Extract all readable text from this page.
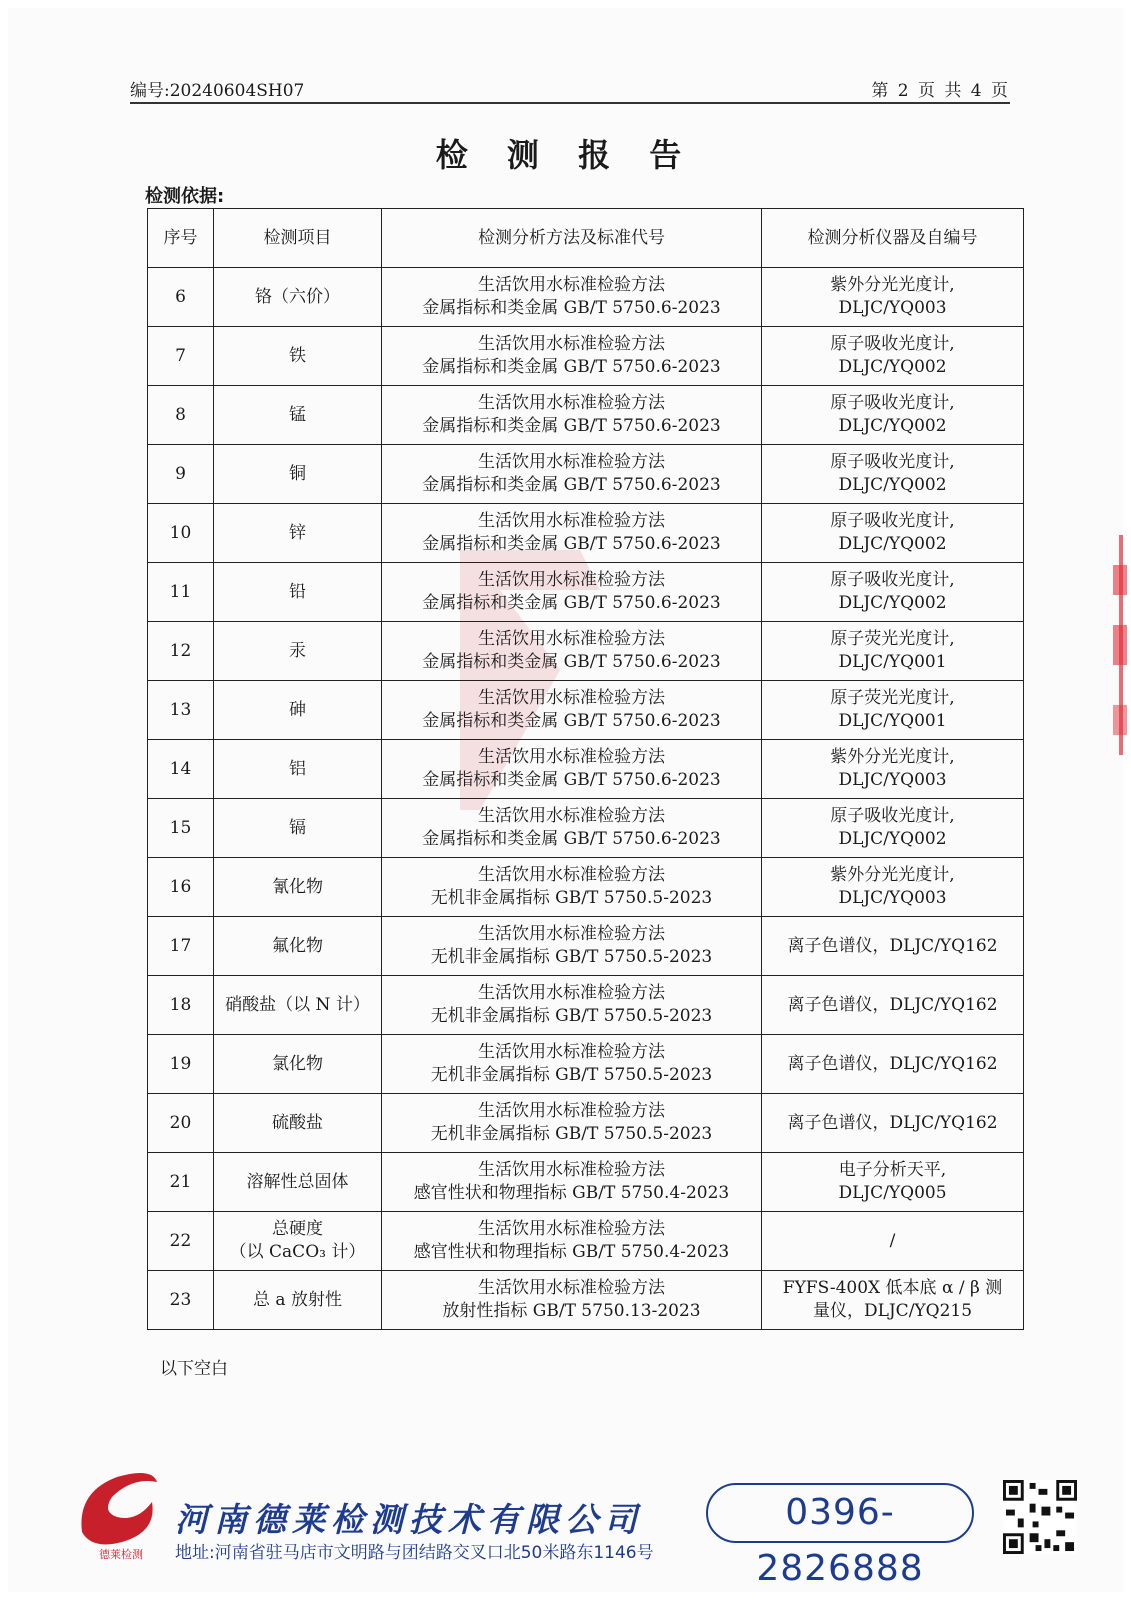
编号:20240604SH07	第 2 页 共 4 页
检 测 报 告
检测依据:
序号	检测项目	检测分析方法及标准代号	检测分析仪器及自编号
6	铬（六价）	生活饮用水标准检验方法
金属指标和类金属 GB/T 5750.6-2023	紫外分光光度计,
DLJC/YQ003

7	铁	生活饮用水标准检验方法
金属指标和类金属 GB/T 5750.6-2023	原子吸收光度计,
DLJC/YQ002

8	锰	生活饮用水标准检验方法
金属指标和类金属 GB/T 5750.6-2023	原子吸收光度计,
DLJC/YQ002

9	铜	生活饮用水标准检验方法
金属指标和类金属 GB/T 5750.6-2023	原子吸收光度计,
DLJC/YQ002

10	锌	生活饮用水标准检验方法
金属指标和类金属 GB/T 5750.6-2023	原子吸收光度计,
DLJC/YQ002

11	铅	生活饮用水标准检验方法
金属指标和类金属 GB/T 5750.6-2023	原子吸收光度计,
DLJC/YQ002

12	汞	生活饮用水标准检验方法
金属指标和类金属 GB/T 5750.6-2023	原子荧光光度计,
DLJC/YQ001

13	砷	生活饮用水标准检验方法
金属指标和类金属 GB/T 5750.6-2023	原子荧光光度计,
DLJC/YQ001

14	铝	生活饮用水标准检验方法
金属指标和类金属 GB/T 5750.6-2023	紫外分光光度计,
DLJC/YQ003

15	镉	生活饮用水标准检验方法
金属指标和类金属 GB/T 5750.6-2023	原子吸收光度计,
DLJC/YQ002

16	氰化物	生活饮用水标准检验方法
无机非金属指标 GB/T 5750.5-2023	紫外分光光度计,
DLJC/YQ003

17	氟化物	生活饮用水标准检验方法
无机非金属指标 GB/T 5750.5-2023	离子色谱仪，DLJC/YQ162

18	硝酸盐（以 N 计）	生活饮用水标准检验方法
无机非金属指标 GB/T 5750.5-2023	离子色谱仪，DLJC/YQ162

19	氯化物	生活饮用水标准检验方法
无机非金属指标 GB/T 5750.5-2023	离子色谱仪，DLJC/YQ162

20	硫酸盐	生活饮用水标准检验方法
无机非金属指标 GB/T 5750.5-2023	离子色谱仪，DLJC/YQ162

21	溶解性总固体	生活饮用水标准检验方法
感官性状和物理指标 GB/T 5750.4-2023	电子分析天平,
DLJC/YQ005

22	总硬度
（以 CaCO₃ 计）	生活饮用水标准检验方法
感官性状和物理指标 GB/T 5750.4-2023	/

23	总 a 放射性	生活饮用水标准检验方法
放射性指标 GB/T 5750.13-2023	FYFS-400X 低本底 α / β 测
量仪，DLJC/YQ215
以下空白
德莱检测
河南德莱检测技术有限公司
地址:河南省驻马店市文明路与团结路交叉口北50米路东1146号
0396-2826888
